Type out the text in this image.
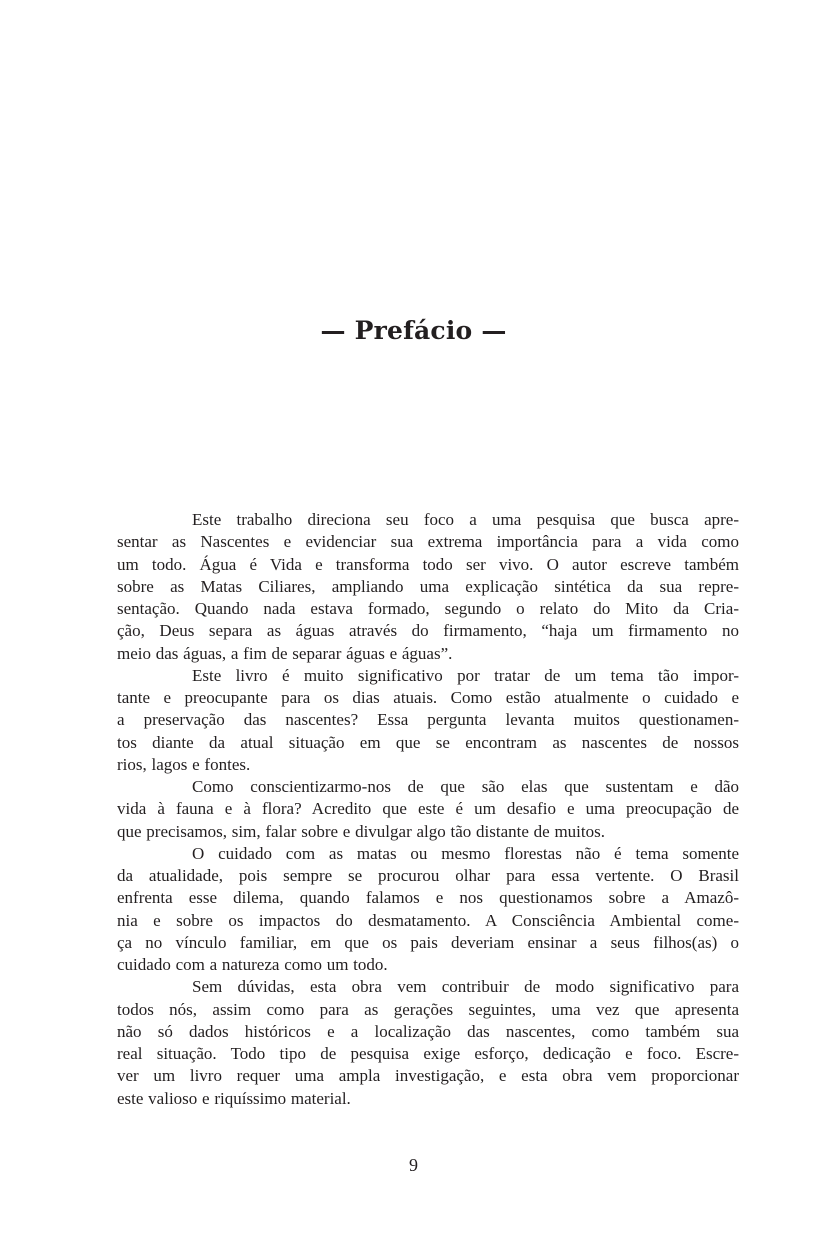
— Prefácio —
Este trabalho direciona seu foco a uma pesquisa que busca apre-
sentar as Nascentes e evidenciar sua extrema importância para a vida como
um todo. Água é Vida e transforma todo ser vivo. O autor escreve também
sobre as Matas Ciliares, ampliando uma explicação sintética da sua repre-
sentação. Quando nada estava formado, segundo o relato do Mito da Cria-
ção, Deus separa as águas através do firmamento, “haja um firmamento no
meio das águas, a fim de separar águas e águas”.
Este livro é muito significativo por tratar de um tema tão impor-
tante e preocupante para os dias atuais. Como estão atualmente o cuidado e
a preservação das nascentes? Essa pergunta levanta muitos questionamen-
tos diante da atual situação em que se encontram as nascentes de nossos
rios, lagos e fontes.
Como conscientizarmo-nos de que são elas que sustentam e dão
vida à fauna e à flora? Acredito que este é um desafio e uma preocupação de
que precisamos, sim, falar sobre e divulgar algo tão distante de muitos.
O cuidado com as matas ou mesmo florestas não é tema somente
da atualidade, pois sempre se procurou olhar para essa vertente. O Brasil
enfrenta esse dilema, quando falamos e nos questionamos sobre a Amazô-
nia e sobre os impactos do desmatamento. A Consciência Ambiental come-
ça no vínculo familiar, em que os pais deveriam ensinar a seus filhos(as) o
cuidado com a natureza como um todo.
Sem dúvidas, esta obra vem contribuir de modo significativo para
todos nós, assim como para as gerações seguintes, uma vez que apresenta
não só dados históricos e a localização das nascentes, como também sua
real situação. Todo tipo de pesquisa exige esforço, dedicação e foco. Escre-
ver um livro requer uma ampla investigação, e esta obra vem proporcionar
este valioso e riquíssimo material.
9
